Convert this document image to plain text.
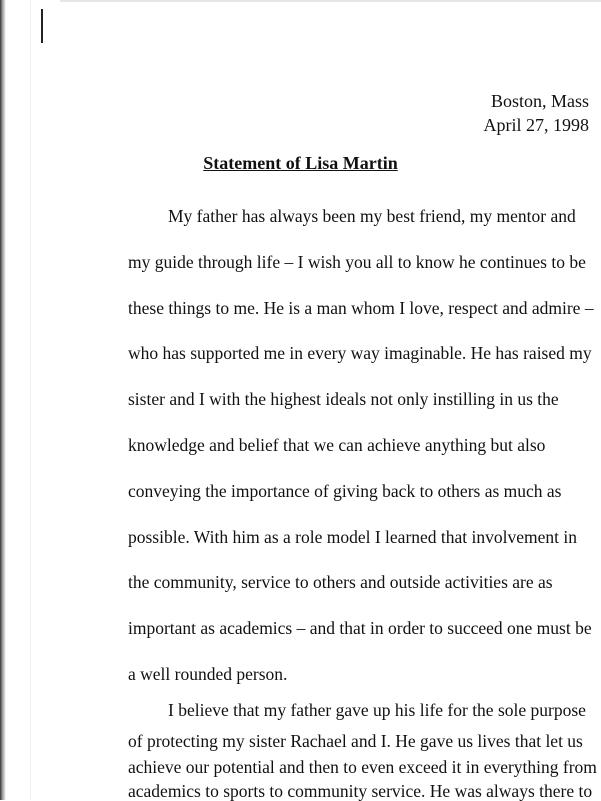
Boston, Mass
April 27, 1998
Statement of Lisa Martin
My father has always been my best friend, my mentor and
my guide through life – I wish you all to know he continues to be
these things to me. He is a man whom I love, respect and admire –
who has supported me in every way imaginable. He has raised my
sister and I with the highest ideals not only instilling in us the
knowledge and belief that we can achieve anything but also
conveying the importance of giving back to others as much as
possible. With him as a role model I learned that involvement in
the community, service to others and outside activities are as
important as academics – and that in order to succeed one must be
a well rounded person.
I believe that my father gave up his life for the sole purpose
of protecting my sister Rachael and I. He gave us lives that let us
achieve our potential and then to even exceed it in everything from
academics to sports to community service. He was always there to
